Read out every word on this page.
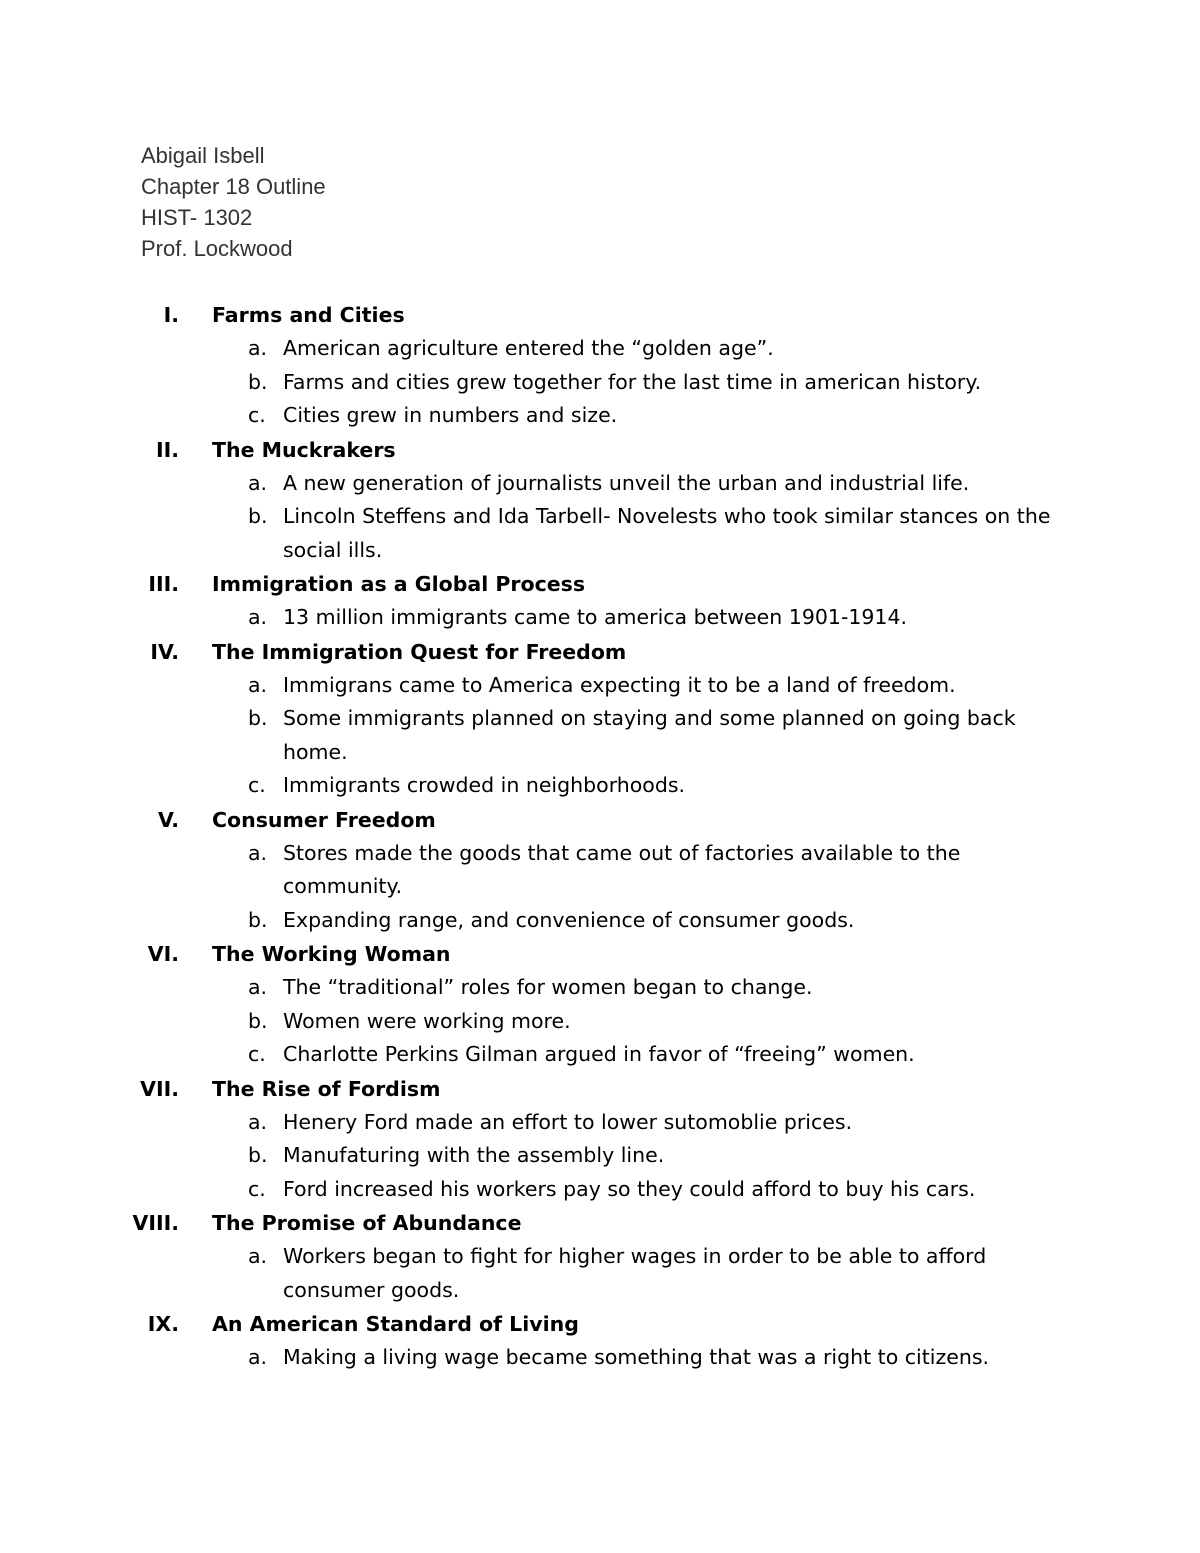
Abigail Isbell
Chapter 18 Outline
HIST- 1302
Prof. Lockwood
I. Farms and Cities
a. American agriculture entered the “golden age”.
b. Farms and cities grew together for the last time in american history.
c. Cities grew in numbers and size.
II. The Muckrakers
a. A new generation of journalists unveil the urban and industrial life.
b. Lincoln Steffens and Ida Tarbell- Novelests who took similar stances on the social ills.
III. Immigration as a Global Process
a. 13 million immigrants came to america between 1901-1914.
IV. The Immigration Quest for Freedom
a. Immigrans came to America expecting it to be a land of freedom.
b. Some immigrants planned on staying and some planned on going back home.
c. Immigrants crowded in neighborhoods.
V. Consumer Freedom
a. Stores made the goods that came out of factories available to the community.
b. Expanding range, and convenience of consumer goods.
VI. The Working Woman
a. The “traditional” roles for women began to change.
b. Women were working more.
c. Charlotte Perkins Gilman argued in favor of “freeing” women.
VII. The Rise of Fordism
a. Henery Ford made an effort to lower sutomoblie prices.
b. Manufaturing with the assembly line.
c. Ford increased his workers pay so they could afford to buy his cars.
VIII. The Promise of Abundance
a. Workers began to fight for higher wages in order to be able to afford consumer goods.
IX. An American Standard of Living
a. Making a living wage became something that was a right to citizens.
